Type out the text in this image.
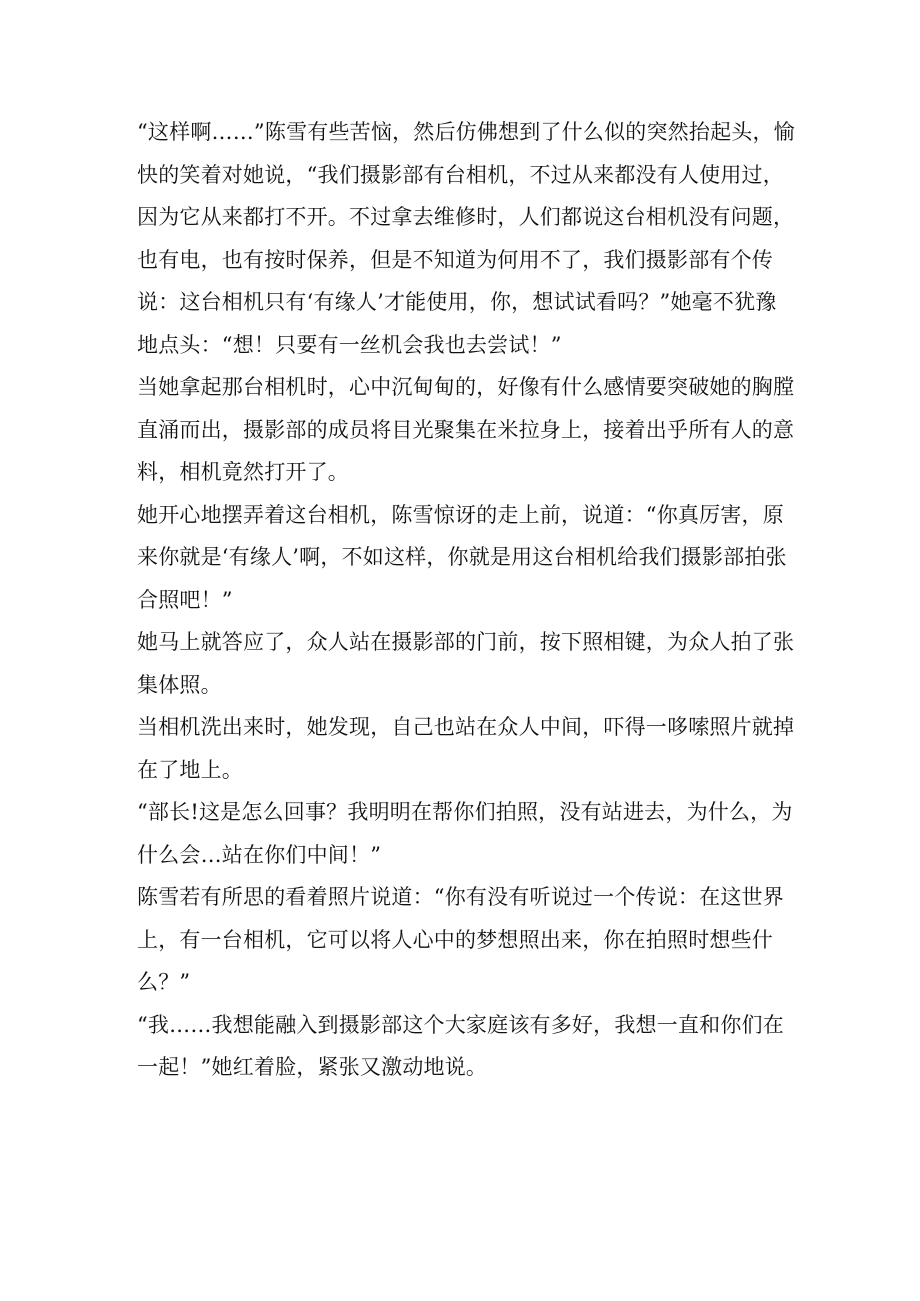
“这样啊……”陈雪有些苦恼，然后仿佛想到了什么似的突然抬起头，愉快的笑着对她说，“我们摄影部有台相机，不过从来都没有人使用过，因为它从来都打不开。不过拿去维修时，人们都说这台相机没有问题，也有电，也有按时保养，但是不知道为何用不了，我们摄影部有个传说：这台相机只有‘有缘人’才能使用，你，想试试看吗？”她毫不犹豫地点头：“想！只要有一丝机会我也去尝试！”

当她拿起那台相机时，心中沉甸甸的，好像有什么感情要突破她的胸膛直涌而出，摄影部的成员将目光聚集在米拉身上，接着出乎所有人的意料，相机竟然打开了。

她开心地摆弄着这台相机，陈雪惊讶的走上前，说道：“你真厉害，原来你就是‘有缘人’啊，不如这样，你就是用这台相机给我们摄影部拍张合照吧！”

她马上就答应了，众人站在摄影部的门前，按下照相键，为众人拍了张集体照。

当相机洗出来时，她发现，自己也站在众人中间，吓得一哆嗦照片就掉在了地上。

“部长!这是怎么回事？我明明在帮你们拍照，没有站进去，为什么，为什么会…站在你们中间！”

陈雪若有所思的看着照片说道：“你有没有听说过一个传说：在这世界上，有一台相机，它可以将人心中的梦想照出来，你在拍照时想些什么？”

“我……我想能融入到摄影部这个大家庭该有多好，我想一直和你们在一起！”她红着脸，紧张又激动地说。
